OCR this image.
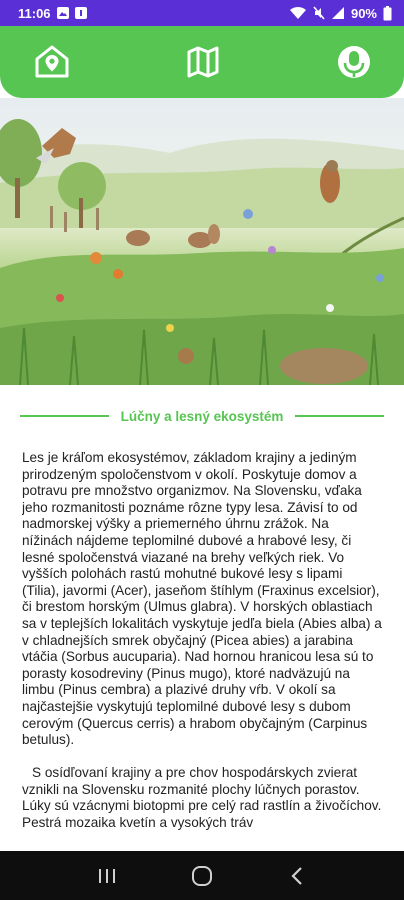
11:06	90%
Lúčny a lesný ekosystém

Les je kráľom ekosystémov, základom krajiny a jediným prirodzeným spoločenstvom v okolí. Poskytuje domov a potravu pre množstvo organizmov. Na Slovensku, vďaka jeho rozmanitosti poznáme rôzne typy lesa. Závisí to od nadmorskej výšky a priemerného úhrnu zrážok. Na nížinách nájdeme teplomilné dubové a hrabové lesy, či lesné spoločenstvá viazané na brehy veľkých riek. Vo vyšších polohách rastú mohutné bukové lesy s lipami (Tilia), javormi (Acer), jaseňom štíhlym (Fraxinus excelsior), či brestom horským (Ulmus glabra). V horských oblastiach sa v teplejších lokalitách vyskytuje jedľa biela (Abies alba) a v chladnejších smrek obyčajný (Picea abies) a jarabina vtáčia (Sorbus aucuparia). Nad hornou hranicou lesa sú to porasty kosodreviny (Pinus mugo), ktoré nadväzujú na limbu (Pinus cembra) a plazivé druhy vŕb. V okolí sa najčastejšie vyskytujú teplomilné dubové lesy s dubom cerovým (Quercus cerris) a hrabom obyčajným (Carpinus betulus).

S osídľovaní krajiny a pre chov hospodárskych zvierat vznikli na Slovensku rozmanité plochy lúčnych porastov. Lúky sú vzácnymi biotopmi pre celý rad rastlín a živočíchov. Pestrá mozaika kvetín a vysokých tráv
